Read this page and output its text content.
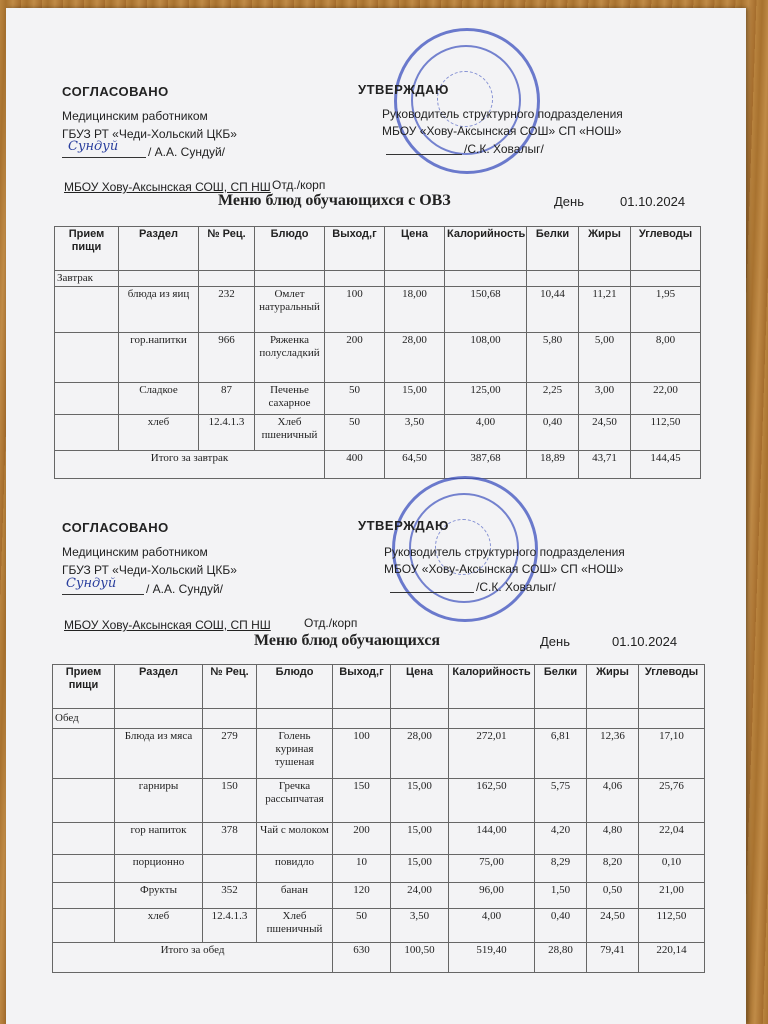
СОГЛАСОВАНО	УТВЕРЖДАЮ
Медицинским работником
ГБУЗ РТ «Чеди-Хольский ЦКБ»
Сундуй / А.А. Сундуй/
Руководитель структурного подразделения
МБОУ «Хову-Аксынская СОШ» СП «НОШ»
/С.К. Ховалыг/
МБОУ Хову-Аксынская СОШ, СП НШ Отд./корп
Меню блюд обучающихся с ОВЗ	День	01.10.2024
Прием пищи	Раздел	№ Рец.	Блюдо	Выход,г	Цена	Калорийность	Белки	Жиры	Углеводы
Завтрак									
	блюда из яиц	232	Омлет натуральный	100	18,00	150,68	10,44	11,21	1,95
	гор.напитки	966	Ряженка полусладкий	200	28,00	108,00	5,80	5,00	8,00
	Сладкое	87	Печенье сахарное	50	15,00	125,00	2,25	3,00	22,00
	хлеб	12.4.1.3	Хлеб пшеничный	50	3,50	4,00	0,40	24,50	112,50
Итого за завтрак				400	64,50	387,68	18,89	43,71	144,45
СОГЛАСОВАНО	УТВЕРЖДАЮ
Медицинским работником
ГБУЗ РТ «Чеди-Хольский ЦКБ»
Сундуй / А.А. Сундуй/
Руководитель структурного подразделения
МБОУ «Хову-Аксынская СОШ» СП «НОШ»
/С.К. Ховалыг/
МБОУ Хову-Аксынская СОШ, СП НШ	Отд./корп
Меню блюд обучающихся	День	01.10.2024
Прием пищи	Раздел	№ Рец.	Блюдо	Выход,г	Цена	Калорийность	Белки	Жиры	Углеводы
Обед									
	Блюда из мяса	279	Голень куриная тушеная	100	28,00	272,01	6,81	12,36	17,10
	гарниры	150	Гречка рассыпчатая	150	15,00	162,50	5,75	4,06	25,76
	гор напиток	378	Чай с молоком	200	15,00	144,00	4,20	4,80	22,04
	порционно		повидло	10	15,00	75,00	8,29	8,20	0,10
	Фрукты	352	банан	120	24,00	96,00	1,50	0,50	21,00
	хлеб	12.4.1.3	Хлеб пшеничный	50	3,50	4,00	0,40	24,50	112,50
Итого за обед				630	100,50	519,40	28,80	79,41	220,14
